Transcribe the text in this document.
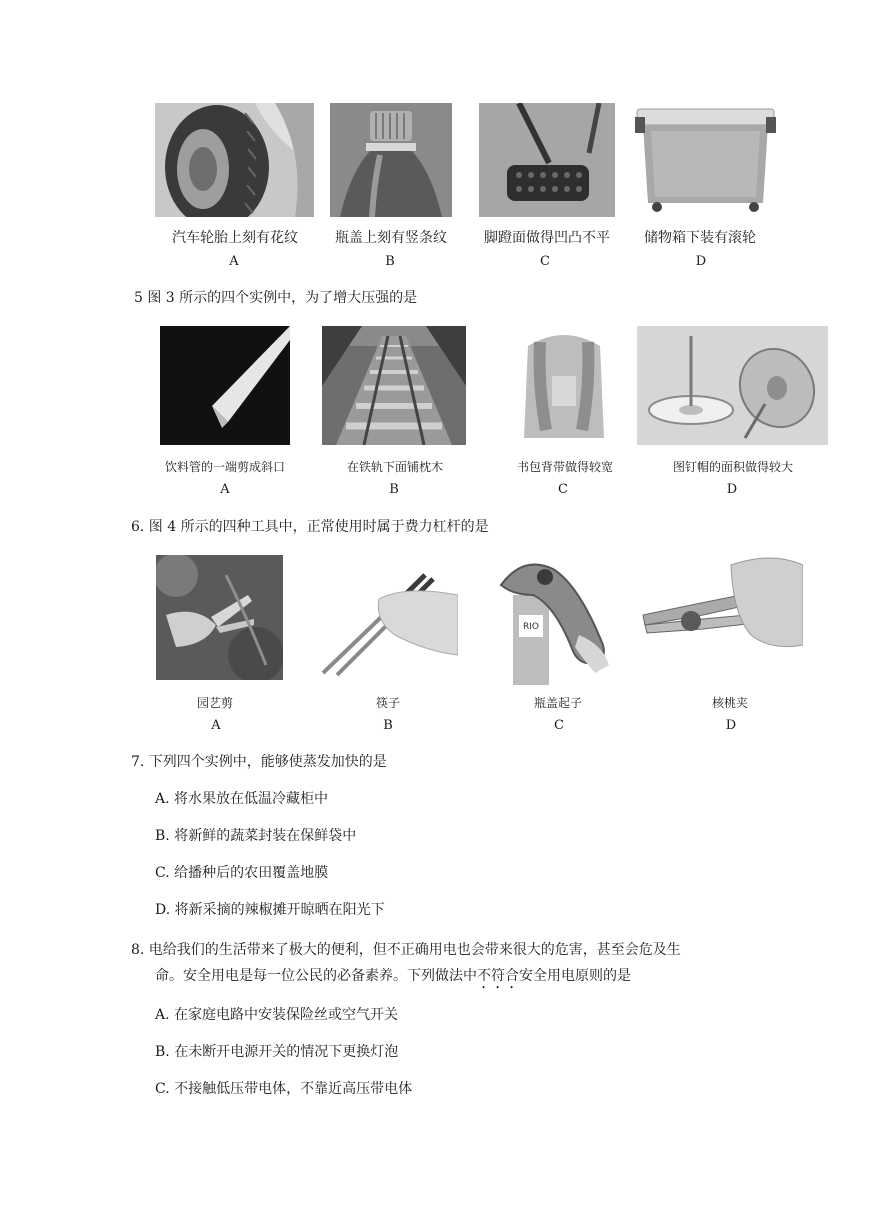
汽车轮胎上刻有花纹	瓶盖上刻有竖条纹	脚蹬面做得凹凸不平	储物箱下装有滚轮
A	B	C	D
5 图 3 所示的四个实例中，为了增大压强的是
饮料管的一端剪成斜口	在铁轨下面铺枕木	书包背带做得较宽	图钉帽的面积做得较大
A	B	C	D
6. 图 4 所示的四种工具中，正常使用时属于费力杠杆的是
RIO
园艺剪	筷子	瓶盖起子	核桃夹
A	B	C	D
7. 下列四个实例中，能够使蒸发加快的是
A. 将水果放在低温冷藏柜中
B. 将新鲜的蔬菜封装在保鲜袋中
C. 给播种后的农田覆盖地膜
D. 将新采摘的辣椒摊开晾晒在阳光下
8. 电给我们的生活带来了极大的便利，但不正确用电也会带来很大的危害，甚至会危及生
命。安全用电是每一位公民的必备素养。下列做法中不符合安全用电原则的是
A. 在家庭电路中安装保险丝或空气开关
B. 在未断开电源开关的情况下更换灯泡
C. 不接触低压带电体，不靠近高压带电体
